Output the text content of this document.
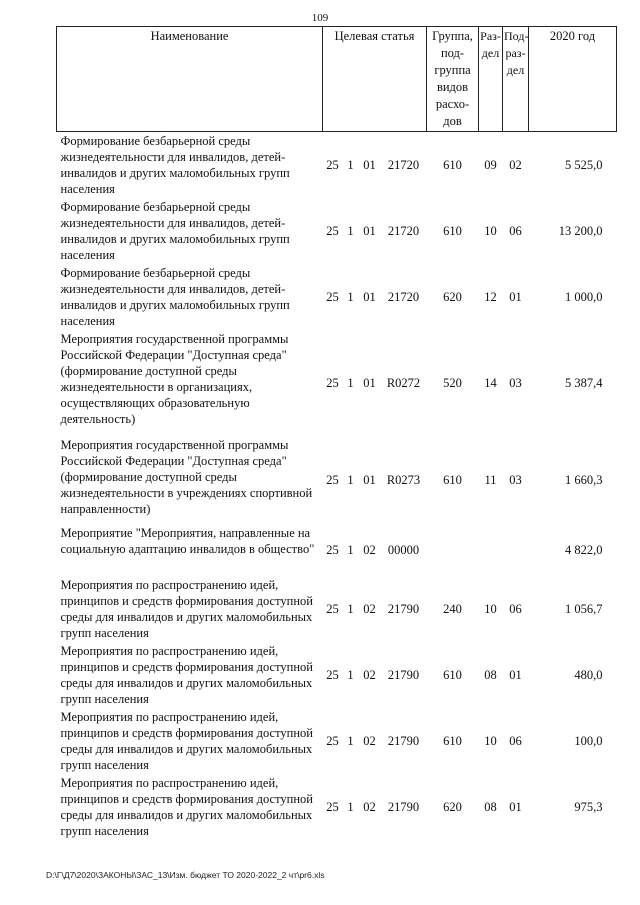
109
Наименование	Целевая статья				Группа, под-группа видов расхо-дов	Раз-дел	Под-раз-дел	2020 год
Формирование безбарьерной среды жизнедеятельности для инвалидов, детей-инвалидов и других маломобильных групп населения	25	1	01	21720	610	09	02	5 525,0
Формирование безбарьерной среды жизнедеятельности для инвалидов, детей-инвалидов и других маломобильных групп населения	25	1	01	21720	610	10	06	13 200,0
Формирование безбарьерной среды жизнедеятельности для инвалидов, детей-инвалидов и других маломобильных групп населения	25	1	01	21720	620	12	01	1 000,0
Мероприятия государственной программы Российской Федерации "Доступная среда" (формирование доступной среды жизнедеятельности в организациях, осуществляющих образовательную деятельность)	25	1	01	R0272	520	14	03	5 387,4
Мероприятия государственной программы Российской Федерации "Доступная среда" (формирование доступной среды жизнедеятельности в учреждениях спортивной направленности)	25	1	01	R0273	610	11	03	1 660,3
Мероприятие "Мероприятия, направленные на социальную адаптацию инвалидов в общество"	25	1	02	00000				4 822,0
Мероприятия по распространению идей, принципов и средств формирования доступной среды для инвалидов и других маломобильных групп населения	25	1	02	21790	240	10	06	1 056,7
Мероприятия по распространению идей, принципов и средств формирования доступной среды для инвалидов и других маломобильных групп населения	25	1	02	21790	610	08	01	480,0
Мероприятия по распространению идей, принципов и средств формирования доступной среды для инвалидов и других маломобильных групп населения	25	1	02	21790	610	10	06	100,0
Мероприятия по распространению идей, принципов и средств формирования доступной среды для инвалидов и других маломобильных групп населения	25	1	02	21790	620	08	01	975,3
D:\Г\Д7\2020\ЗАКОНЫ\ЗАС_13\Изм. бюджет ТО 2020-2022_2 чт\pr6.xls
